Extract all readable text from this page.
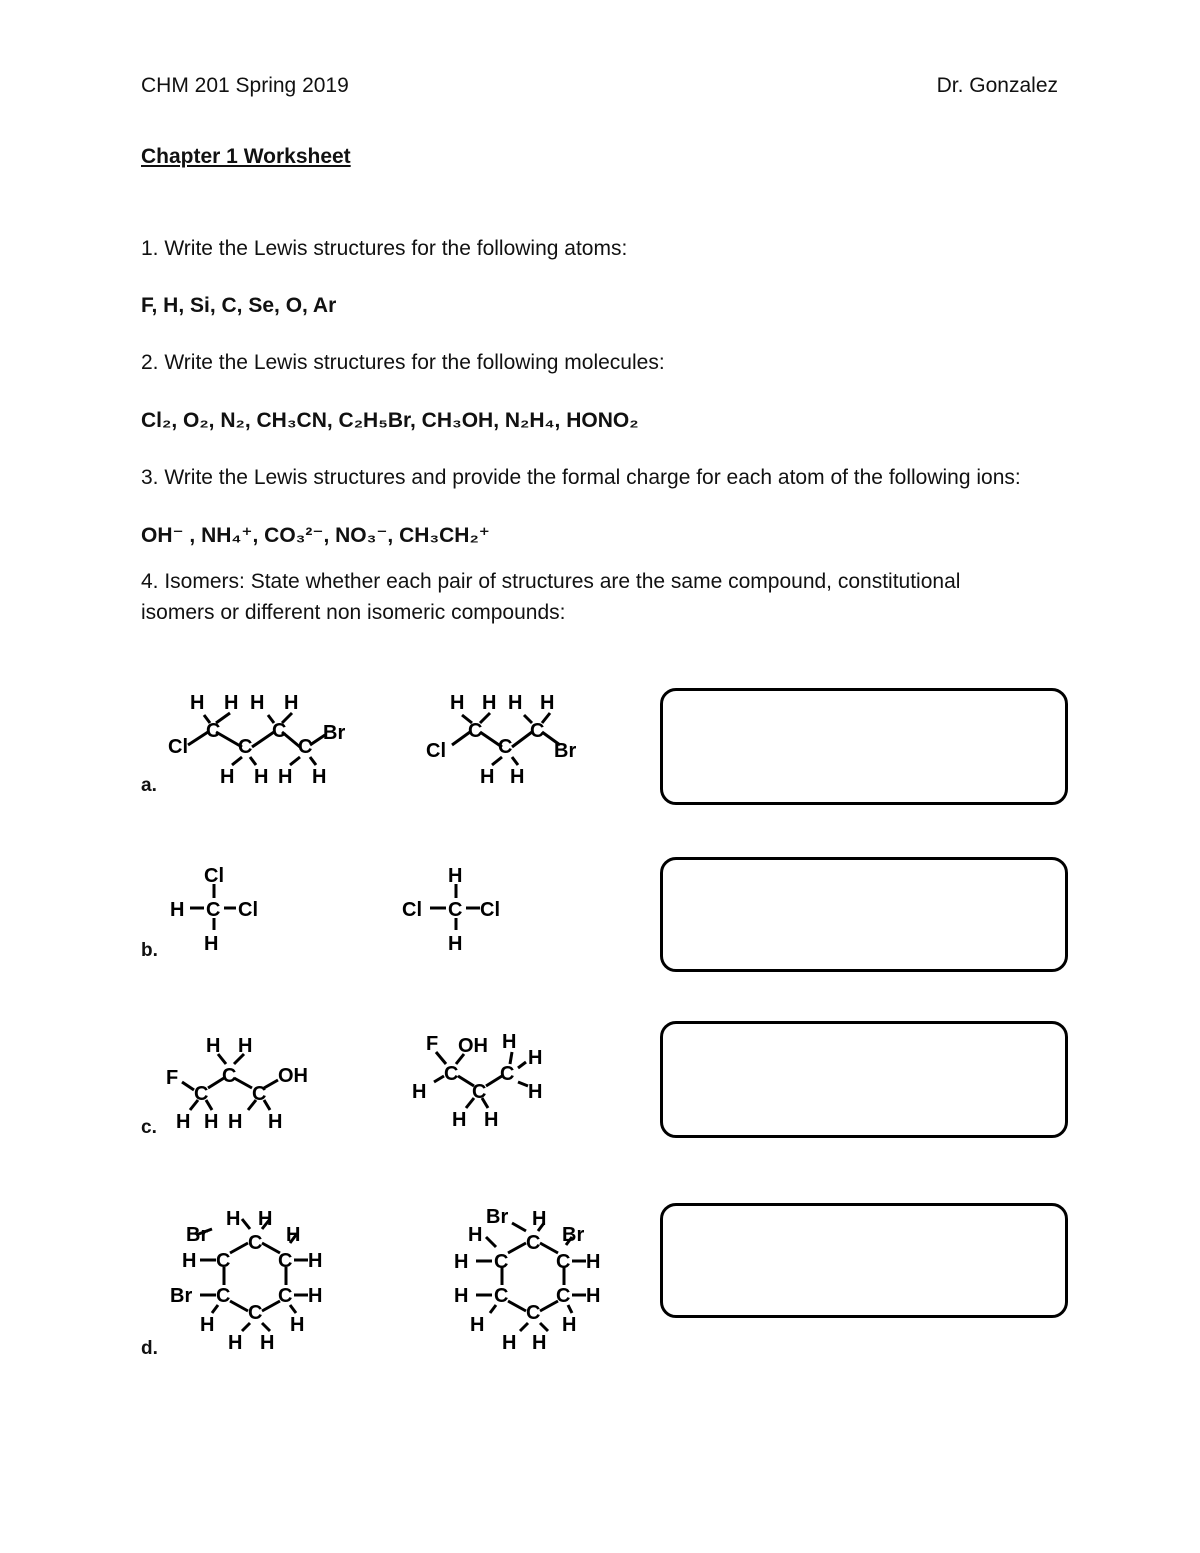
CHM 201 Spring 2019	Dr. Gonzalez
Chapter 1 Worksheet
1. Write the Lewis structures for the following atoms:
F, H, Si, C, Se, O, Ar
2. Write the Lewis structures for the following molecules:
Cl₂, O₂, N₂, CH₃CN, C₂H₅Br, CH₃OH, N₂H₄, HONO₂
3. Write the Lewis structures and provide the formal charge for each atom of the following ions:
OH⁻ , NH₄⁺, CO₃²⁻, NO₃⁻, CH₃CH₂⁺
4. Isomers: State whether each pair of structures are the same compound, constitutional
isomers or different non isomeric compounds:
a.
b.
c.
d.
H H H H
C	C
C C
Cl
Br
H H H H
H H H H
C C
C
Cl	Br
H H
Cl
H C Cl
H
H
Cl C Cl
H
H H
F C
C C
OH
H H H H
F OH H
H
C C
H C H
H H
H H
Br	H
C
H C C H
Br C C H
C
H	H
H H
Br H
H	Br
C
H C C H
H C C H
C
H	H
H H
